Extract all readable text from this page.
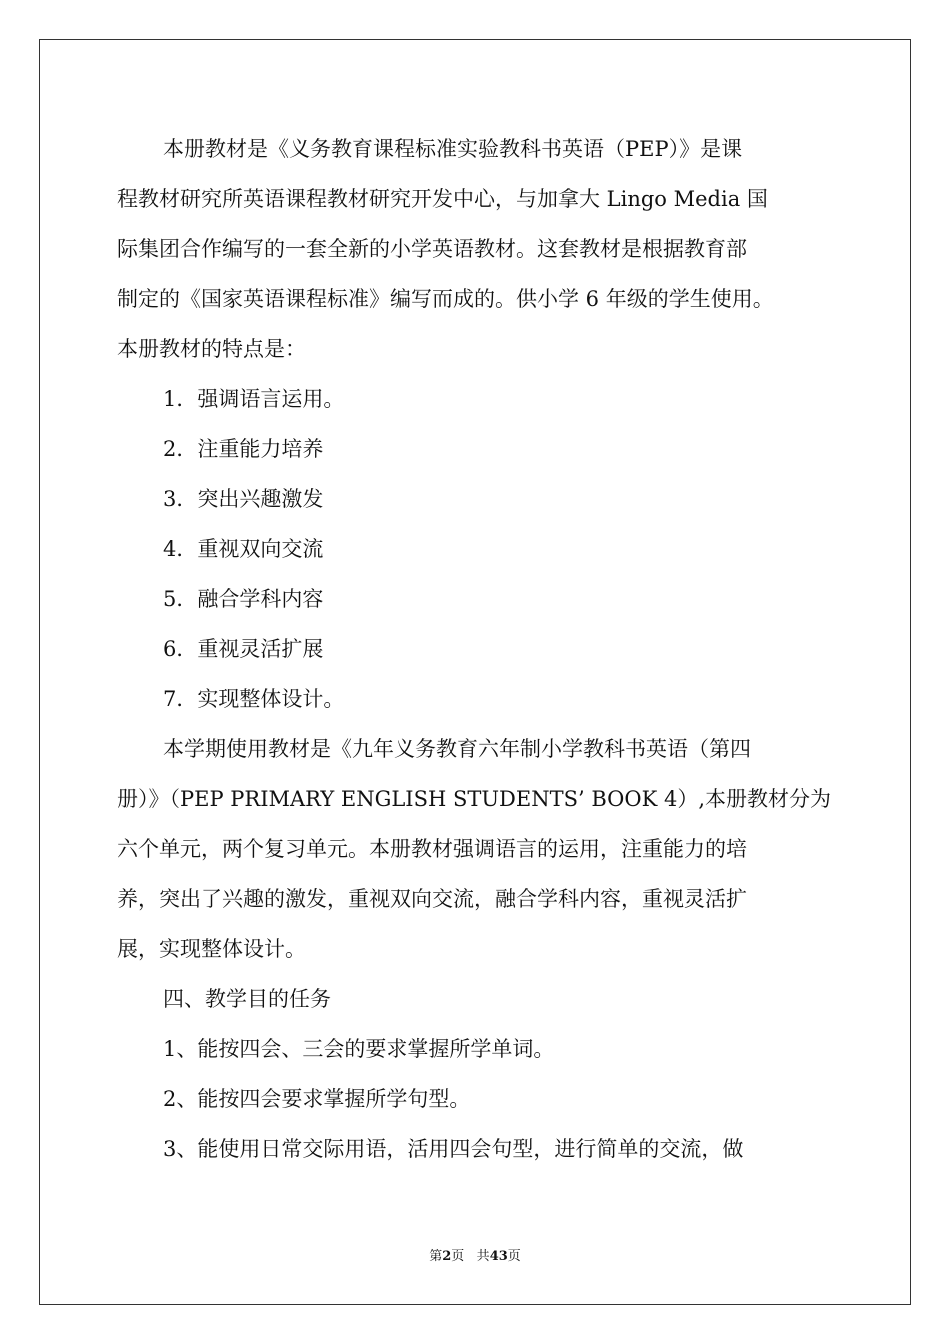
本册教材是《义务教育课程标准实验教科书英语（PEP）》是课
程教材研究所英语课程教材研究开发中心，与加拿大 Lingo Media 国
际集团合作编写的一套全新的小学英语教材。这套教材是根据教育部
制定的《国家英语课程标准》编写而成的。供小学 6 年级的学生使用。
本册教材的特点是：
1．强调语言运用。
2．注重能力培养
3．突出兴趣激发
4．重视双向交流
5．融合学科内容
6．重视灵活扩展
7．实现整体设计。
本学期使用教材是《九年义务教育六年制小学教科书英语（第四
册）》（PEP PRIMARY ENGLISH STUDENTS’ BOOK 4）,本册教材分为
六个单元，两个复习单元。本册教材强调语言的运用，注重能力的培
养，突出了兴趣的激发，重视双向交流，融合学科内容，重视灵活扩
展，实现整体设计。
四、教学目的任务
1、能按四会、三会的要求掌握所学单词。
2、能按四会要求掌握所学句型。
3、能使用日常交际用语，活用四会句型，进行简单的交流，做
第2页 共43页
